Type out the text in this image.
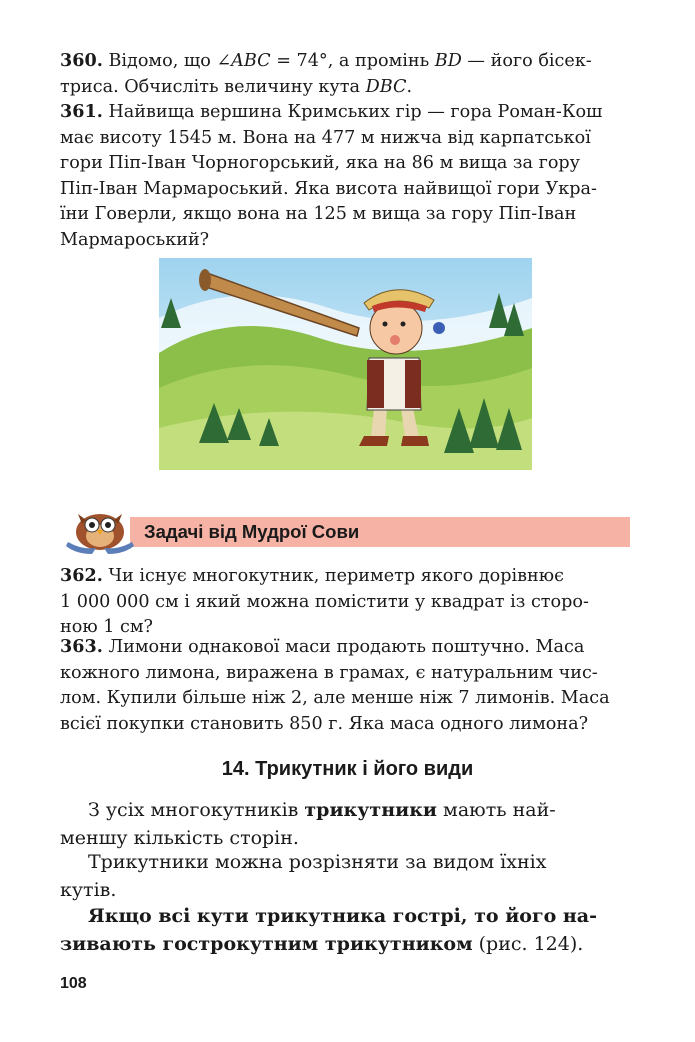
360. Відомо, що ∠ABC = 74°, а промінь BD — його бісек-
триса. Обчисліть величину кута DBC.

361. Найвища вершина Кримських гір — гора Роман-Кош
має висоту 1545 м. Вона на 477 м нижча від карпатської
гори Піп-Іван Чорногорський, яка на 86 м вища за гору
Піп-Іван Мармароський. Яка висота найвищої гори Укра-
їни Говерли, якщо вона на 125 м вища за гору Піп-Іван
Мармароський?

Задачі від Мудрої Сови

362. Чи існує многокутник, периметр якого дорівнює
1 000 000 см і який можна помістити у квадрат із сторо-
ною 1 см?

363. Лимони однакової маси продають поштучно. Маса
кожного лимона, виражена в грамах, є натуральним чис-
лом. Купили більше ніж 2, але менше ніж 7 лимонів. Маса
всієї покупки становить 850 г. Яка маса одного лимона?

14. Трикутник і його види

З усіх многокутників трикутники мають най-
меншу кількість сторін.

Трикутники можна розрізняти за видом їхніх
кутів.

Якщо всі кути трикутника гострі, то його на-
зивають гострокутним трикутником (рис. 124).

108
